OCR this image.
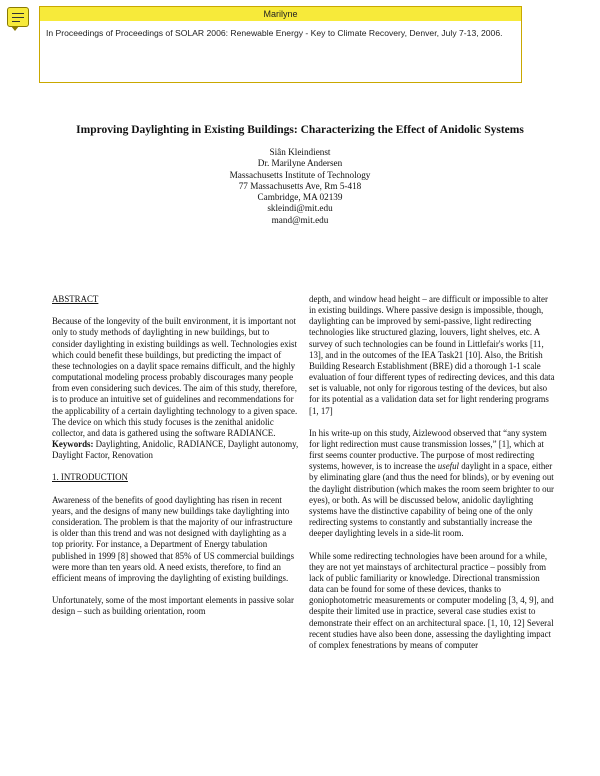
Marilyne
In Proceedings of Proceedings of SOLAR 2006: Renewable Energy - Key to Climate Recovery, Denver, July 7-13, 2006.
Improving Daylighting in Existing Buildings: Characterizing the Effect of Anidolic Systems
Siân Kleindienst
Dr. Marilyne Andersen
Massachusetts Institute of Technology
77 Massachusetts Ave, Rm 5-418
Cambridge, MA 02139
skleindi@mit.edu
mand@mit.edu
ABSTRACT

Because of the longevity of the built environment, it is important not only to study methods of daylighting in new buildings, but to consider daylighting in existing buildings as well. Technologies exist which could benefit these buildings, but predicting the impact of these technologies on a daylit space remains difficult, and the highly computational modeling process probably discourages many people from even considering such devices. The aim of this study, therefore, is to produce an intuitive set of guidelines and recommendations for the applicability of a certain daylighting technology to a given space. The device on which this study focuses is the zenithal anidolic collector, and data is gathered using the software RADIANCE. Keywords: Daylighting, Anidolic, RADIANCE, Daylight autonomy, Daylight Factor, Renovation

1. INTRODUCTION

Awareness of the benefits of good daylighting has risen in recent years, and the designs of many new buildings take daylighting into consideration. The problem is that the majority of our infrastructure is older than this trend and was not designed with daylighting as a top priority. For instance, a Department of Energy tabulation published in 1999 [8] showed that 85% of US commercial buildings were more than ten years old. A need exists, therefore, to find an efficient means of improving the daylighting of existing buildings.

Unfortunately, some of the most important elements in passive solar design – such as building orientation, room

depth, and window head height – are difficult or impossible to alter in existing buildings. Where passive design is impossible, though, daylighting can be improved by semi-passive, light redirecting technologies like structured glazing, louvers, light shelves, etc. A survey of such technologies can be found in Littlefair's works [11, 13], and in the outcomes of the IEA Task21 [10]. Also, the British Building Research Establishment (BRE) did a thorough 1-1 scale evaluation of four different types of redirecting devices, and this data set is valuable, not only for rigorous testing of the devices, but also for its potential as a validation data set for light rendering programs [1, 17]

In his write-up on this study, Aizlewood observed that “any system for light redirection must cause transmission losses,” [1], which at first seems counter productive. The purpose of most redirecting systems, however, is to increase the useful daylight in a space, either by eliminating glare (and thus the need for blinds), or by evening out the daylight distribution (which makes the room seem brighter to our eyes), or both. As will be discussed below, anidolic daylighting systems have the distinctive capability of being one of the only redirecting systems to constantly and substantially increase the deeper daylighting levels in a side-lit room.

While some redirecting technologies have been around for a while, they are not yet mainstays of architectural practice – possibly from lack of public familiarity or knowledge. Directional transmission data can be found for some of these devices, thanks to goniophotometric measurements or computer modeling [3, 4, 9], and despite their limited use in practice, several case studies exist to demonstrate their effect on an architectural space. [1, 10, 12] Several recent studies have also been done, assessing the daylighting impact of complex fenestrations by means of computer
